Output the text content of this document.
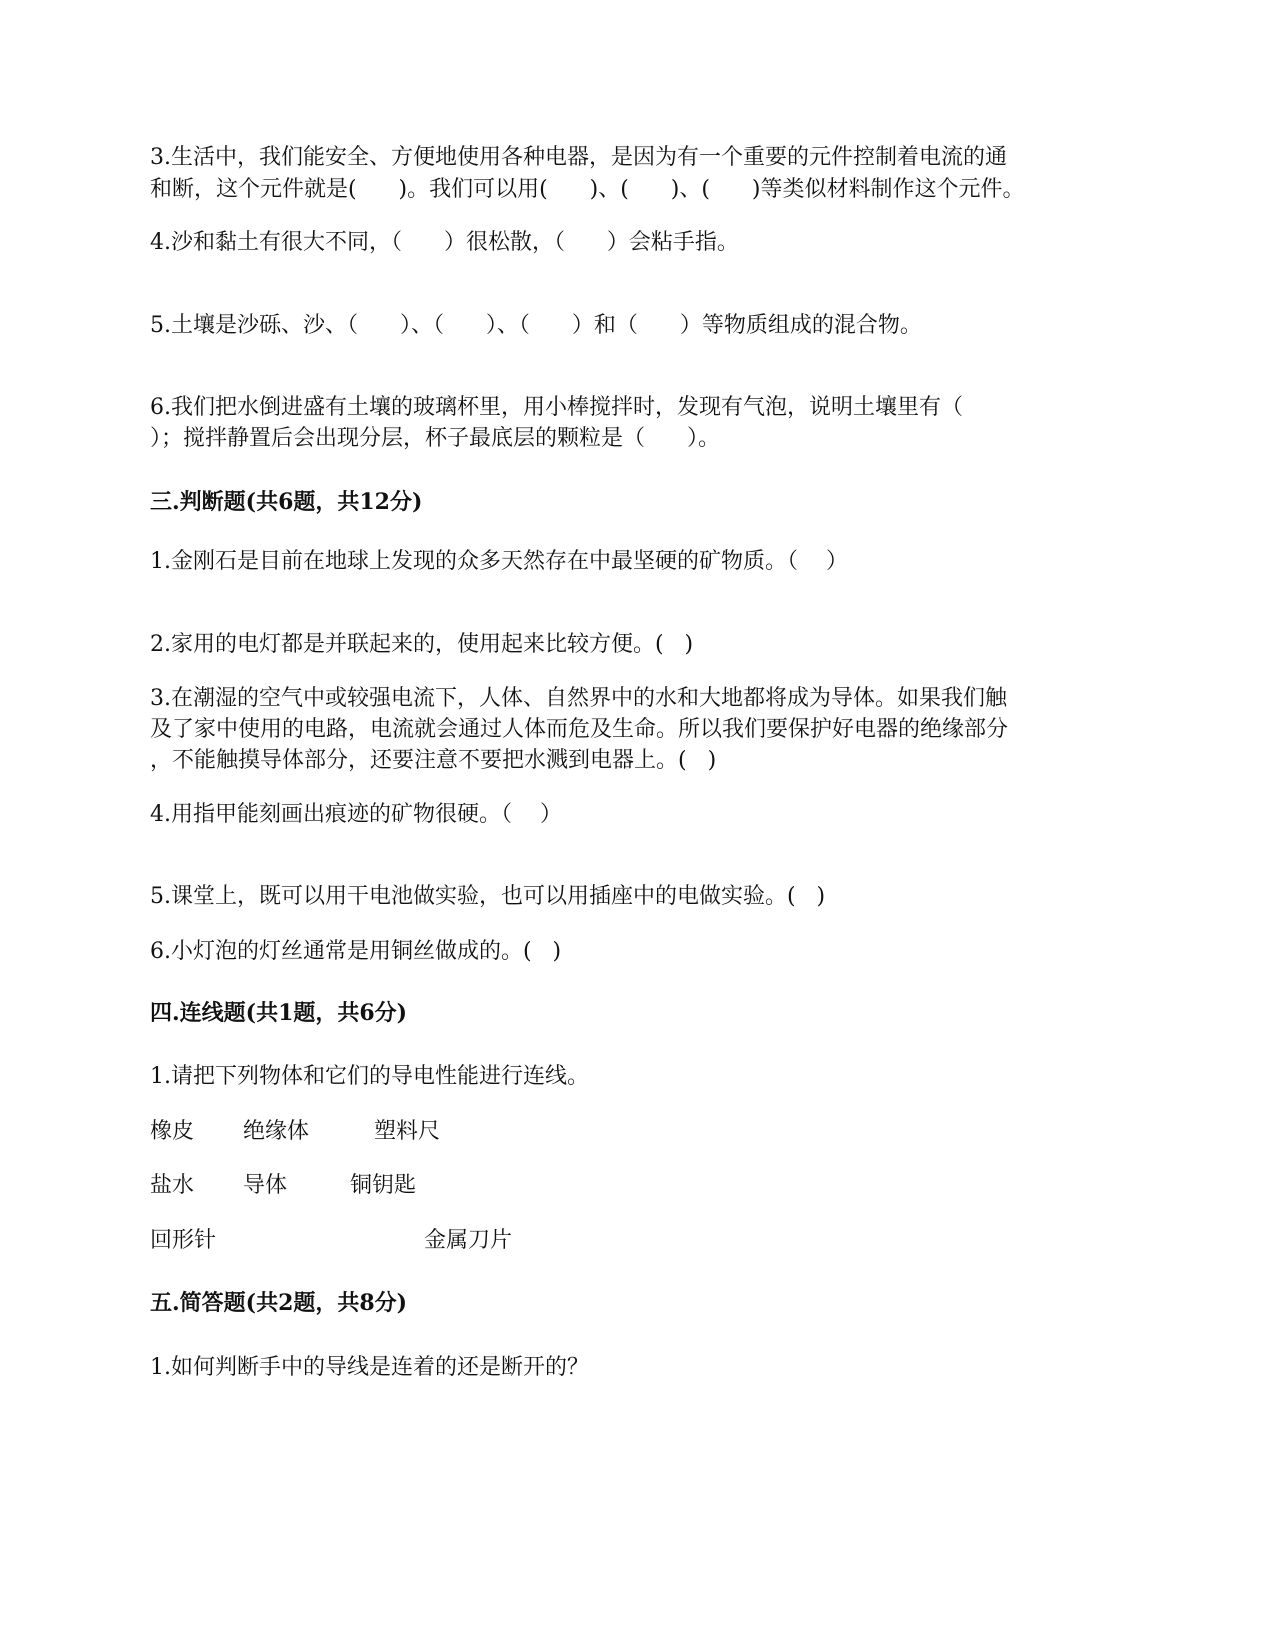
3.生活中，我们能安全、方便地使用各种电器，是因为有一个重要的元件控制着电流的通
和断，这个元件就是(      )。我们可以用(      )、(      )、(      )等类似材料制作这个元件。
4.沙和黏土有很大不同，（      ）很松散，（      ）会粘手指。
5.土壤是沙砾、沙、（      ）、（      ）、（      ）和（      ）等物质组成的混合物。
6.我们把水倒进盛有土壤的玻璃杯里，用小棒搅拌时，发现有气泡，说明土壤里有（
）；搅拌静置后会出现分层，杯子最底层的颗粒是（      ）。
三.判断题(共6题，共12分)
1.金刚石是目前在地球上发现的众多天然存在中最坚硬的矿物质。（    ）
2.家用的电灯都是并联起来的，使用起来比较方便。(   )
3.在潮湿的空气中或较强电流下，人体、自然界中的水和大地都将成为导体。如果我们触
及了家中使用的电路，电流就会通过人体而危及生命。所以我们要保护好电器的绝缘部分
，不能触摸导体部分，还要注意不要把水溅到电器上。(   )
4.用指甲能刻画出痕迹的矿物很硬。（    ）
5.课堂上，既可以用干电池做实验，也可以用插座中的电做实验。(   )
6.小灯泡的灯丝通常是用铜丝做成的。(   )
四.连线题(共1题，共6分)
1.请把下列物体和它们的导电性能进行连线。
橡皮 绝缘体	塑料尺
盐水 导体	铜钥匙
回形针	金属刀片
五.简答题(共2题，共8分)
1.如何判断手中的导线是连着的还是断开的？
